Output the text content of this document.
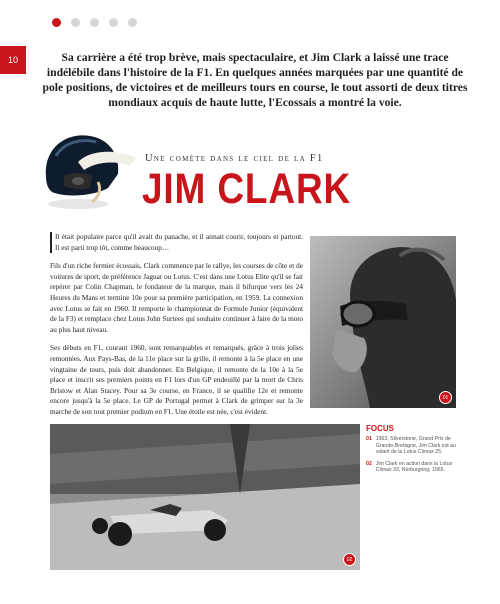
10	Sa carrière a été trop brève, mais spectaculaire, et Jim Clark a laissé une trace indélébile dans l'histoire de la F1. En quelques années marquées par une quantité de pole positions, de victoires et de meilleurs tours en course, le tout assorti de deux titres mondiaux acquis de haute lutte, l'Ecossais a montré la voie.
Une comète dans le ciel de la F1
JIM CLARK

Il était populaire parce qu'il avait du panache, et il aimait courir, toujours et partout. Il est parti trop tôt, comme beaucoup…

Fils d'un riche fermier écossais, Clark commence par le rallye, les courses de côte et de voitures de sport, de préférence Jaguar ou Lotus. C'est dans une Lotus Elite qu'il se fait repérer par Colin Chapman, le fondateur de la marque, mais il bifurque vers les 24 Heures du Mans et termine 10e pour sa première participation, en 1959. La connexion avec Lotus se fait en 1960. Il remporte le championnat de Formule Junior (équivalent de la F3) et remplace chez Lotus John Surtees qui souhaite continuer à faire de la moto au plus haut niveau.

Ses débuts en F1, courant 1960, sont remarquables et remarqués, grâce à trois jolies remontées. Aux Pays-Bas, de la 11e place sur la grille, il remonte à la 5e place en une vingtaine de tours, puis doit abandonner. En Belgique, il remonte de la 10e à la 5e place et inscrit ses premiers points en F1 lors d'un GP endeuillé par la mort de Chris Bristow et Alan Stacey. Pour sa 3e course, en France, il se qualifie 12e et remonte encore jusqu'à la 5e place. Le GP de Portugal permet à Clark de grimper sur la 3e marche de son tout premier podium en F1. Une étoile est née, c'est évident.

01
02
FOCUS
01 1963, Silverstone, Grand Prix de Grande-Bretagne, Jim Clark est au volant de la Lotus Climax 25.
02 Jim Clark en action dans la Lotus Climax 33, Nürburgring, 1965.
